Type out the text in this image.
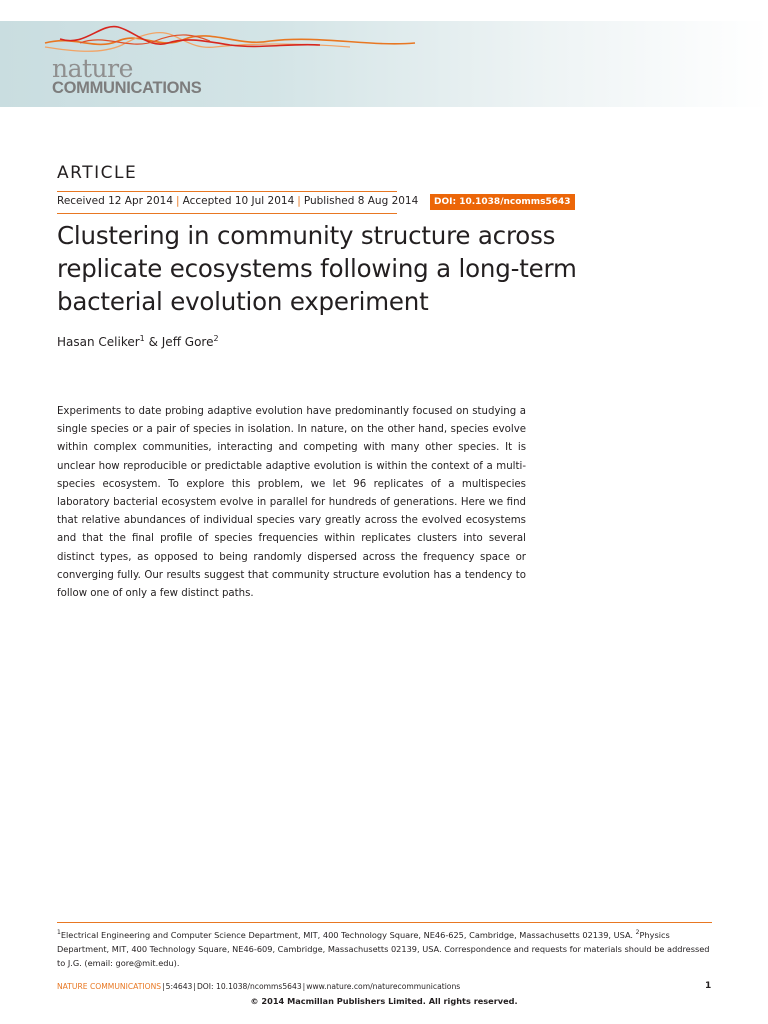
nature
COMMUNICATIONS
ARTICLE
Received 12 Apr 2014 | Accepted 10 Jul 2014 | Published 8 Aug 2014	DOI: 10.1038/ncomms5643
Clustering in community structure across replicate ecosystems following a long-term bacterial evolution experiment
Hasan Celiker$^1$ & Jeff Gore$^2$

Experiments to date probing adaptive evolution have predominantly focused on studying a single species or a pair of species in isolation. In nature, on the other hand, species evolve within complex communities, interacting and competing with many other species. It is unclear how reproducible or predictable adaptive evolution is within the context of a multi-species ecosystem. To explore this problem, we let 96 replicates of a multispecies laboratory bacterial ecosystem evolve in parallel for hundreds of generations. Here we find that relative abundances of individual species vary greatly across the evolved ecosystems and that the final profile of species frequencies within replicates clusters into several distinct types, as opposed to being randomly dispersed across the frequency space or converging fully. Our results suggest that community structure evolution has a tendency to follow one of only a few distinct paths.

$^1$Electrical Engineering and Computer Science Department, MIT, 400 Technology Square, NE46-625, Cambridge, Massachusetts 02139, USA. $^2$Physics Department, MIT, 400 Technology Square, NE46-609, Cambridge, Massachusetts 02139, USA. Correspondence and requests for materials should be addressed to J.G. (email: gore@mit.edu).

NATURE COMMUNICATIONS|5:4643|DOI: 10.1038/ncomms5643|www.nature.com/naturecommunications	1
© 2014 Macmillan Publishers Limited. All rights reserved.
